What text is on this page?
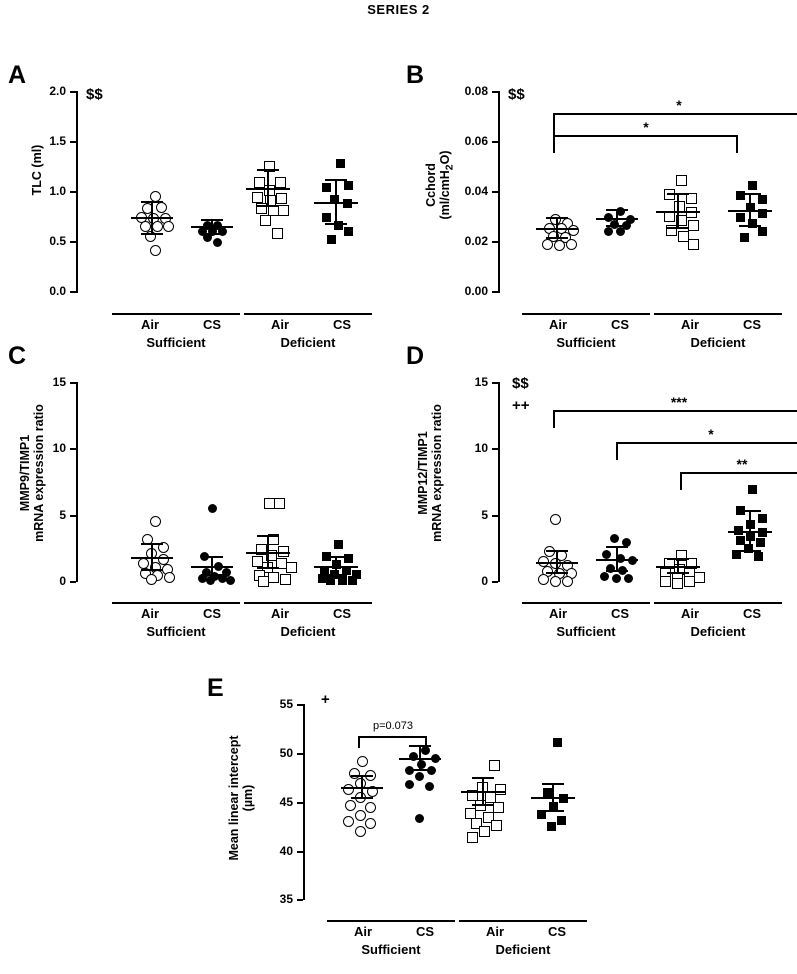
SERIES 2
A
$$
TLC (ml)
2.0
1.5
1.0
0.5
0.0
Air	CS	Air	CS
Sufficient	Deficient
B
$$
Cchord
(ml/cmH$_2$O)
0.08
0.06
0.04
0.02
0.00
*
*
Air	CS	Air	CS
Sufficient	Deficient
C
MMP9/TIMP1
mRNA expression ratio
15
10
5
0
Air	CS	Air	CS
Sufficient	Deficient
D
$$
++
MMP12/TIMP1
mRNA expression ratio
15
10
5
0
***
*
**
Air	CS	Air	CS
Sufficient	Deficient
E	+
Mean linear intercept
(µm)
55
50
45
40
35
p=0.073
Air	CS	Air	CS
Sufficient	Deficient
